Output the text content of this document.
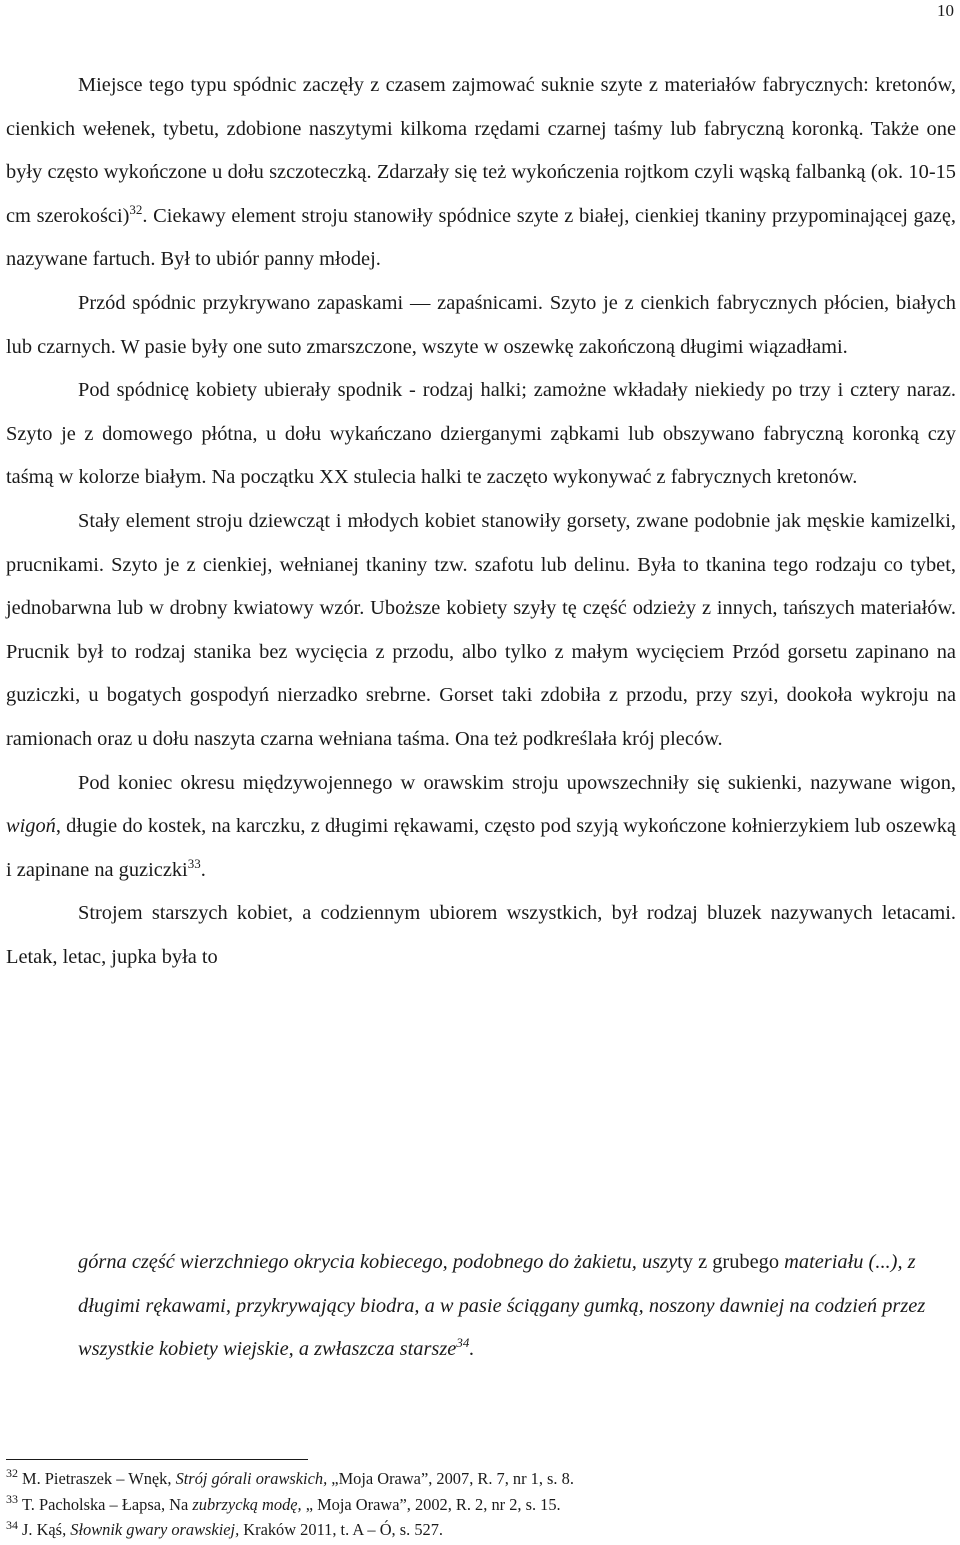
10

Miejsce tego typu spódnic zaczęły z czasem zajmować suknie szyte z materiałów fabrycznych: kretonów, cienkich wełenek, tybetu, zdobione naszytymi kilkoma rzędami czarnej taśmy lub fabryczną koronką. Także one były często wykończone u dołu szczoteczką. Zdarzały się też wykończenia rojtkom czyli wąską falbanką (ok. 10-15 cm szerokości)$^{32}$. Ciekawy element stroju stanowiły spódnice szyte z białej, cienkiej tkaniny przypominającej gazę, nazywane fartuch. Był to ubiór panny młodej.

Przód spódnic przykrywano zapaskami — zapaśnicami. Szyto je z cienkich fabrycznych płócien, białych lub czarnych. W pasie były one suto zmarszczone, wszyte w oszewkę zakończoną długimi wiązadłami.

Pod spódnicę kobiety ubierały spodnik - rodzaj halki; zamożne wkładały niekiedy po trzy i cztery naraz. Szyto je z domowego płótna, u dołu wykańczano dzierganymi ząbkami lub obszywano fabryczną koronką czy taśmą w kolorze białym. Na początku XX stulecia halki te zaczęto wykonywać z fabrycznych kretonów.

Stały element stroju dziewcząt i młodych kobiet stanowiły gorsety, zwane podobnie jak męskie kamizelki, prucnikami. Szyto je z cienkiej, wełnianej tkaniny tzw. szafotu lub delinu. Była to tkanina tego rodzaju co tybet, jednobarwna lub w drobny kwiatowy wzór. Uboższe kobiety szyły tę część odzieży z innych, tańszych materiałów. Prucnik był to rodzaj stanika bez wycięcia z przodu, albo tylko z małym wycięciem Przód gorsetu zapinano na guziczki, u bogatych gospodyń nierzadko srebrne. Gorset taki zdobiła z przodu, przy szyi, dookoła wykroju na ramionach oraz u dołu naszyta czarna wełniana taśma. Ona też podkreślała krój pleców.

Pod koniec okresu międzywojennego w orawskim stroju upowszechniły się sukienki, nazywane wigon, wigoń, długie do kostek, na karczku, z długimi rękawami, często pod szyją wykończone kołnierzykiem lub oszewką i zapinane na guziczki$^{33}$.

Strojem starszych kobiet, a codziennym ubiorem wszystkich, był rodzaj bluzek nazywanych letacami. Letak, letac, jupka była to

górna część wierzchniego okrycia kobiecego, podobnego do żakietu, uszyty z grubego materiału (...), z długimi rękawami, przykrywający biodra, a w pasie ściągany gumką, noszony dawniej na codzień przez wszystkie kobiety wiejskie, a zwłaszcza starsze$^{34}$.

$^{32}$ M. Pietraszek – Wnęk, Strój górali orawskich, „Moja Orawa”, 2007, R. 7, nr 1, s. 8.

$^{33}$ T. Pacholska – Łapsa, Na zubrzycką modę, „ Moja Orawa”, 2002, R. 2, nr 2, s. 15.

$^{34}$ J. Kąś, Słownik gwary orawskiej, Kraków 2011, t. A – Ó, s. 527.
